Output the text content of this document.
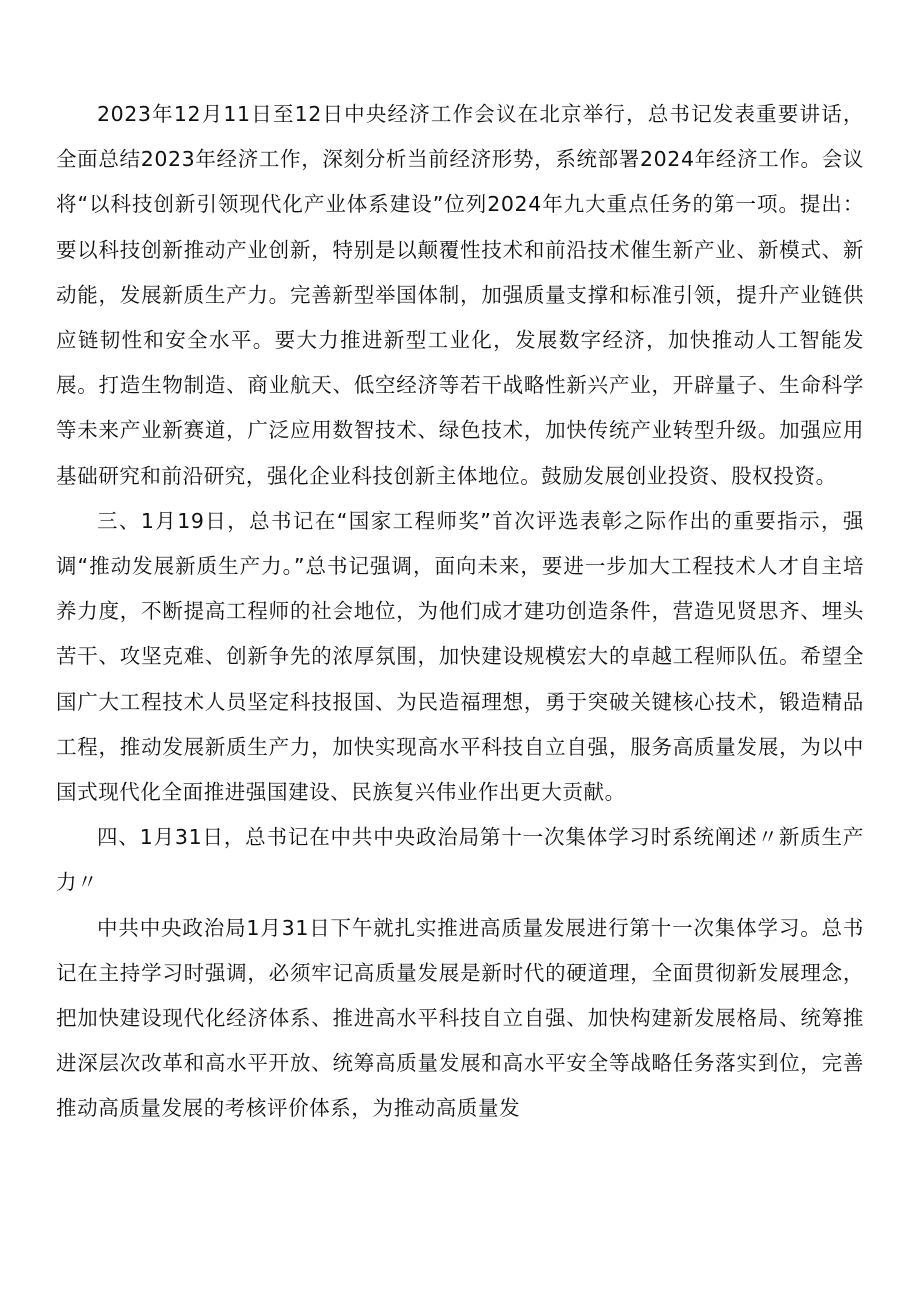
2023年12月11日至12日中央经济工作会议在北京举行，总书记发表重要讲话，全面总结2023年经济工作，深刻分析当前经济形势，系统部署2024年经济工作。会议将“以科技创新引领现代化产业体系建设”位列2024年九大重点任务的第一项。提出：要以科技创新推动产业创新，特别是以颠覆性技术和前沿技术催生新产业、新模式、新动能，发展新质生产力。完善新型举国体制，加强质量支撑和标准引领，提升产业链供应链韧性和安全水平。要大力推进新型工业化，发展数字经济，加快推动人工智能发展。打造生物制造、商业航天、低空经济等若干战略性新兴产业，开辟量子、生命科学等未来产业新赛道，广泛应用数智技术、绿色技术，加快传统产业转型升级。加强应用基础研究和前沿研究，强化企业科技创新主体地位。鼓励发展创业投资、股权投资。

三、1月19日，总书记在“国家工程师奖”首次评选表彰之际作出的重要指示，强调“推动发展新质生产力。”总书记强调，面向未来，要进一步加大工程技术人才自主培养力度，不断提高工程师的社会地位，为他们成才建功创造条件，营造见贤思齐、埋头苦干、攻坚克难、创新争先的浓厚氛围，加快建设规模宏大的卓越工程师队伍。希望全国广大工程技术人员坚定科技报国、为民造福理想，勇于突破关键核心技术，锻造精品工程，推动发展新质生产力，加快实现高水平科技自立自强，服务高质量发展，为以中国式现代化全面推进强国建设、民族复兴伟业作出更大贡献。

四、1月31日，总书记在中共中央政治局第十一次集体学习时系统阐述〃新质生产力〃

中共中央政治局1月31日下午就扎实推进高质量发展进行第十一次集体学习。总书记在主持学习时强调，必须牢记高质量发展是新时代的硬道理，全面贯彻新发展理念，把加快建设现代化经济体系、推进高水平科技自立自强、加快构建新发展格局、统筹推进深层次改革和高水平开放、统筹高质量发展和高水平安全等战略任务落实到位，完善推动高质量发展的考核评价体系，为推动高质量发
